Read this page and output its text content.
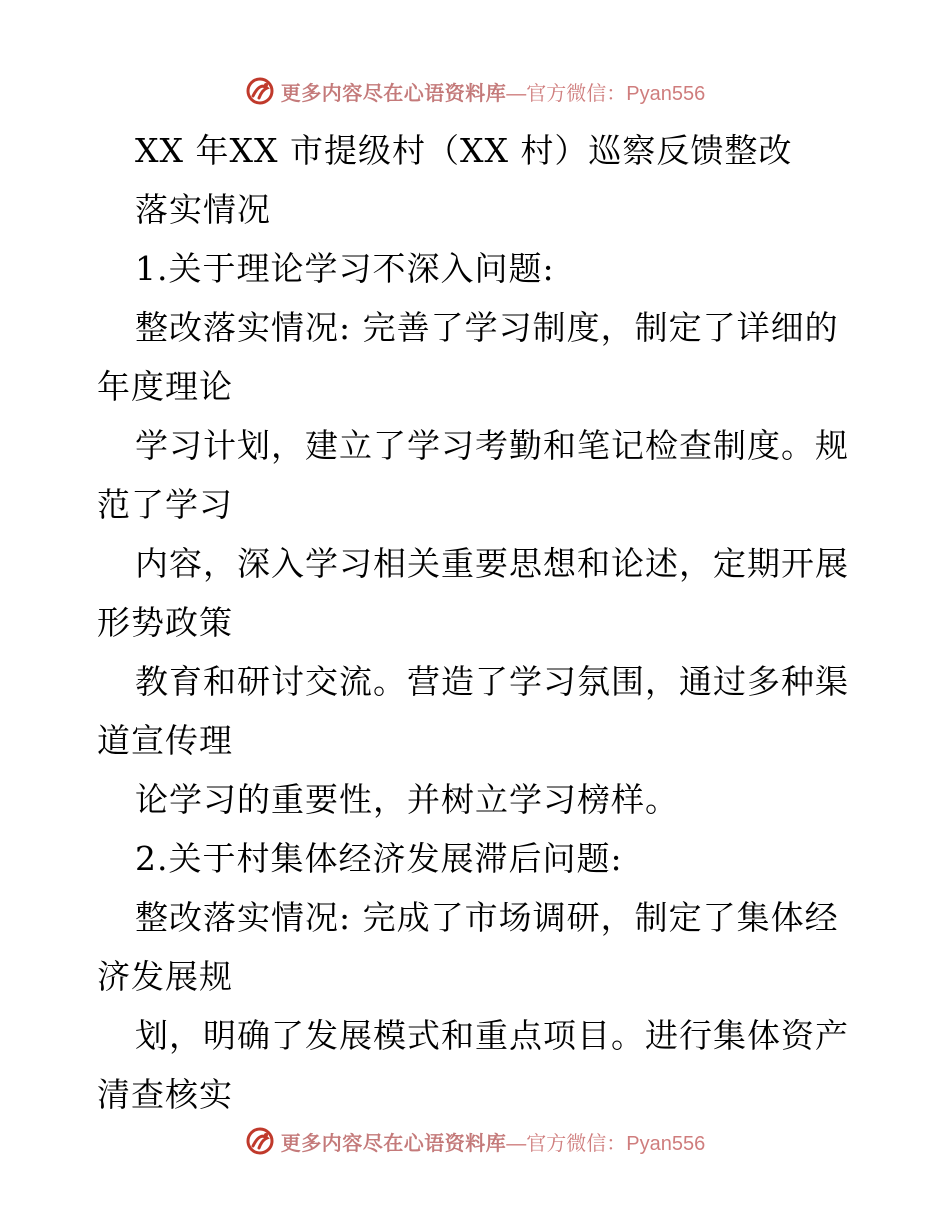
更多内容尽在心语资料库 —官方微信：Pyan556
XX 年XX 市提级村（XX 村）巡察反馈整改
落实情况
1.关于理论学习不深入问题:
整改落实情况: 完善了学习制度，制定了详细的
年度理论
学习计划，建立了学习考勤和笔记检查制度。规
范了学习
内容，深入学习相关重要思想和论述，定期开展
形势政策
教育和研讨交流。营造了学习氛围，通过多种渠
道宣传理
论学习的重要性，并树立学习榜样。
2.关于村集体经济发展滞后问题:
整改落实情况: 完成了市场调研，制定了集体经
济发展规
划，明确了发展模式和重点项目。进行集体资产
清查核实
更多内容尽在心语资料库 —官方微信：Pyan556
